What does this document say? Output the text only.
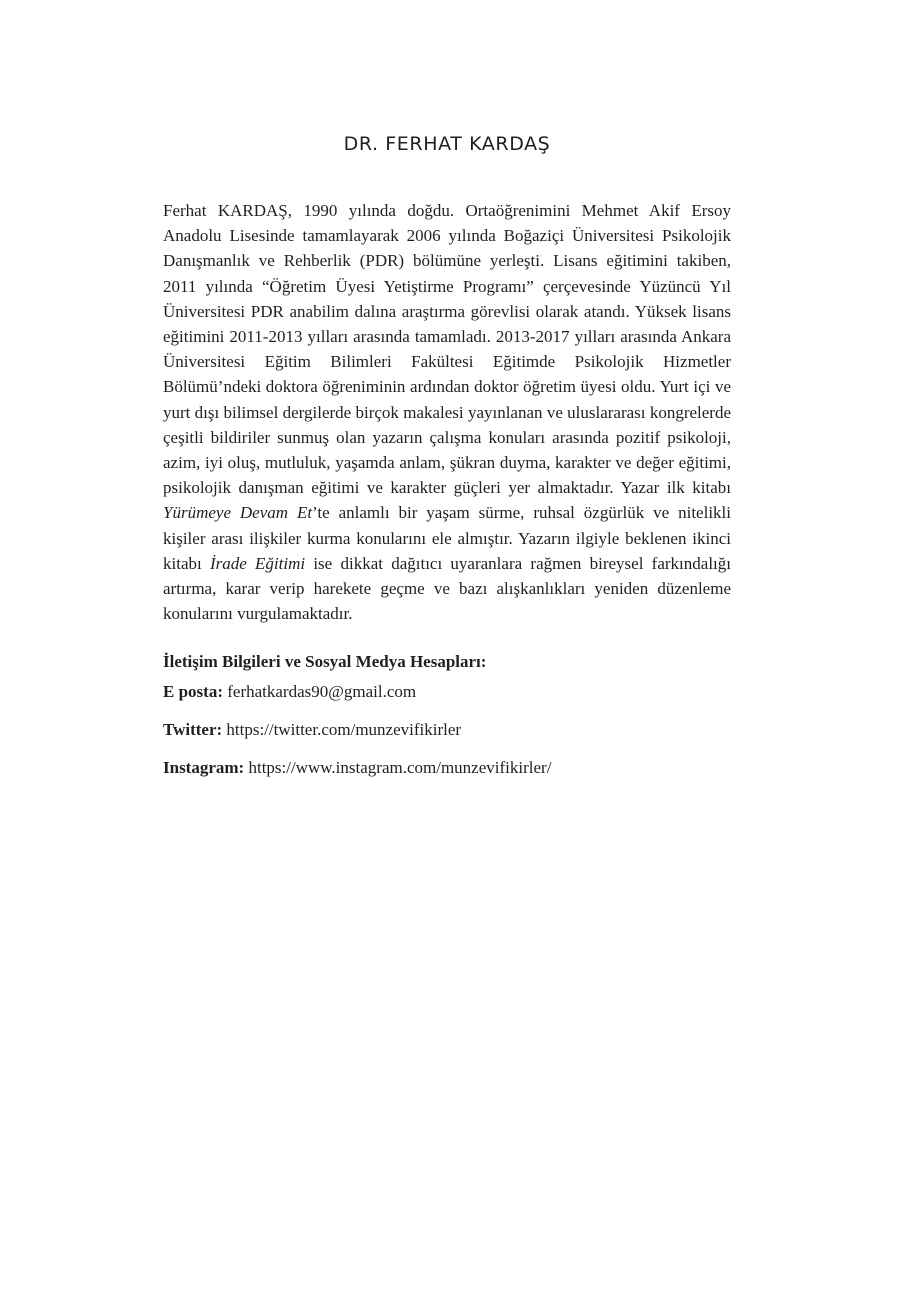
DR. FERHAT KARDAŞ

Ferhat KARDAŞ, 1990 yılında doğdu. Ortaöğrenimini Mehmet Akif Ersoy Anadolu Lisesinde tamamlayarak 2006 yılında Boğaziçi Üniversitesi Psikolojik Danışmanlık ve Rehberlik (PDR) bölümüne yerleşti. Lisans eğitimini takiben, 2011 yılında “Öğretim Üyesi Yetiştirme Programı” çerçevesinde Yüzüncü Yıl Üniversitesi PDR anabilim dalına araştırma görevlisi olarak atandı. Yüksek lisans eğitimini 2011-2013 yılları arasında tamamladı. 2013-2017 yılları arasında Ankara Üniversitesi Eğitim Bilimleri Fakültesi Eğitimde Psikolojik Hizmetler Bölümü’ndeki doktora öğreniminin ardından doktor öğretim üyesi oldu. Yurt içi ve yurt dışı bilimsel dergilerde birçok makalesi yayınlanan ve uluslararası kongrelerde çeşitli bildiriler sunmuş olan yazarın çalışma konuları arasında pozitif psikoloji, azim, iyi oluş, mutluluk, yaşamda anlam, şükran duyma, karakter ve değer eğitimi, psikolojik danışman eğitimi ve karakter güçleri yer almaktadır. Yazar ilk kitabı Yürümeye Devam Et’te anlamlı bir yaşam sürme, ruhsal özgürlük ve nitelikli kişiler arası ilişkiler kurma konularını ele almıştır. Yazarın ilgiyle beklenen ikinci kitabı İrade Eğitimi ise dikkat dağıtıcı uyaranlara rağmen bireysel farkındalığı artırma, karar verip harekete geçme ve bazı alışkanlıkları yeniden düzenleme konularını vurgulamaktadır.

İletişim Bilgileri ve Sosyal Medya Hesapları:

E posta: ferhatkardas90@gmail.com

Twitter: https://twitter.com/munzevifikirler

Instagram: https://www.instagram.com/munzevifikirler/
